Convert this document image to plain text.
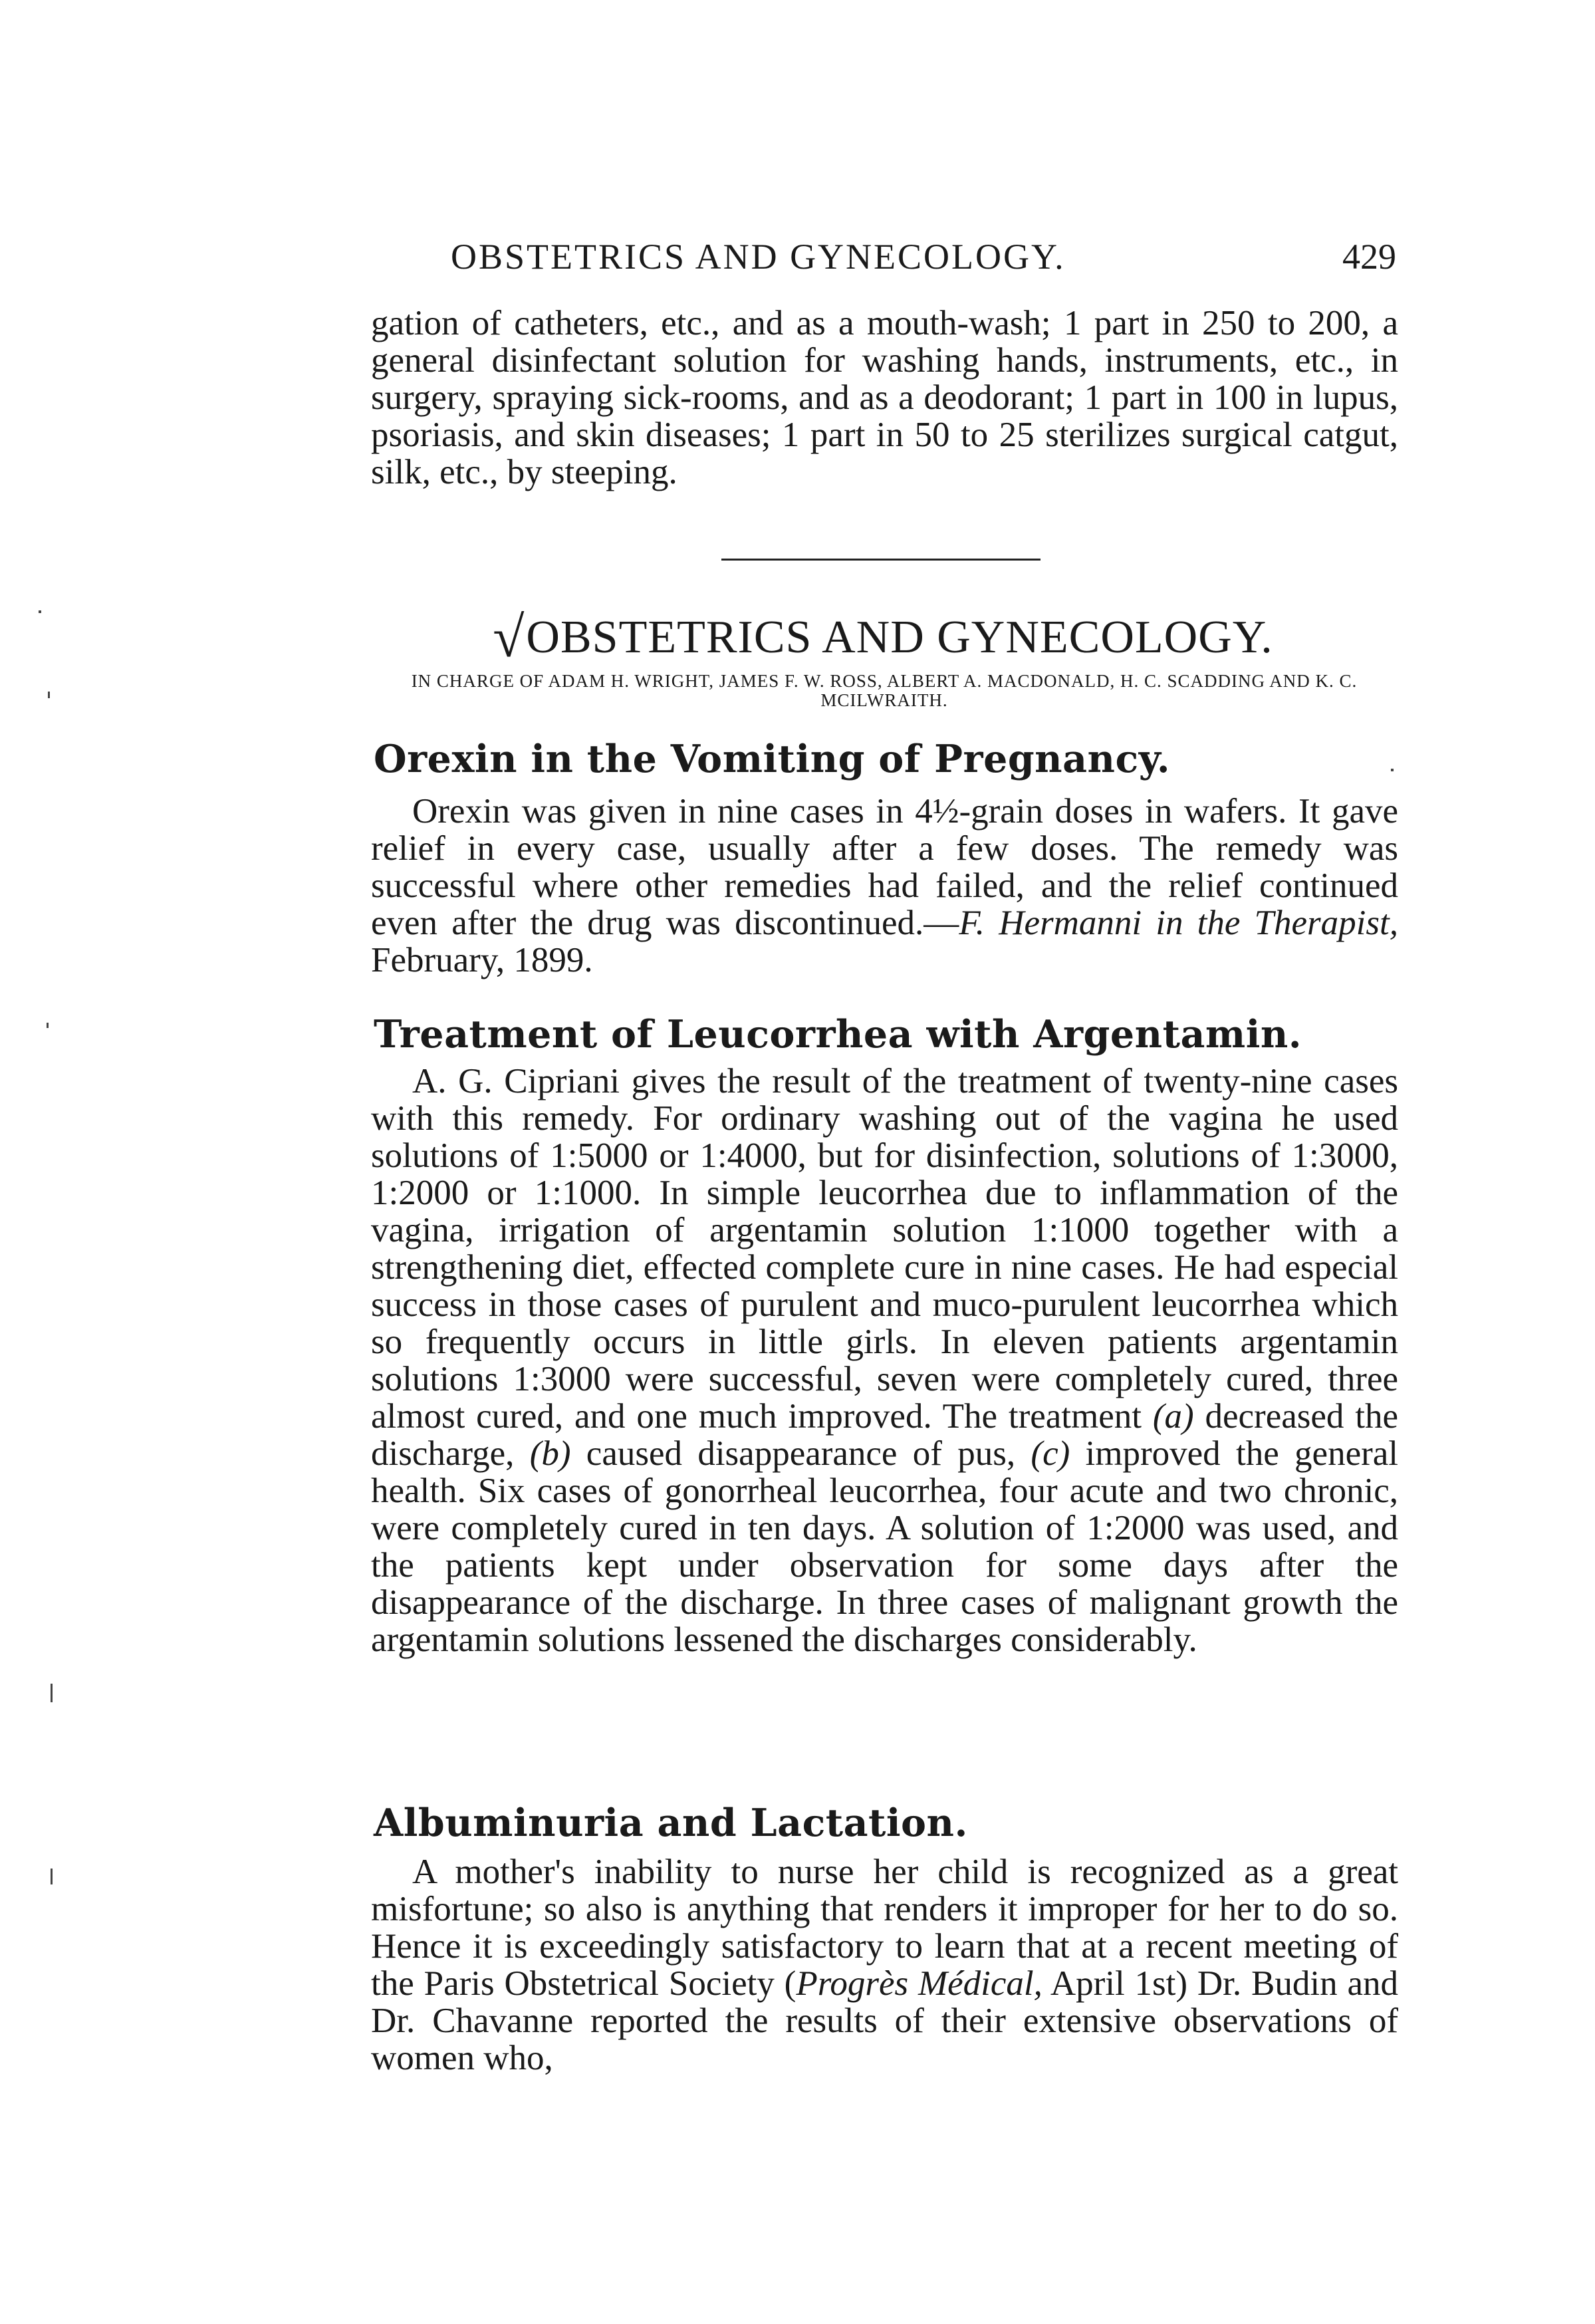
OBSTETRICS AND GYNECOLOGY.	429

gation of catheters, etc., and as a mouth-wash; 1 part in 250 to 200, a general disinfectant solution for washing hands, instruments, etc., in surgery, spraying sick-rooms, and as a deodorant; 1 part in 100 in lupus, psoriasis, and skin diseases; 1 part in 50 to 25 sterilizes surgical catgut, silk, etc., by steeping.

√OBSTETRICS AND GYNECOLOGY.
IN CHARGE OF ADAM H. WRIGHT, JAMES F. W. ROSS, ALBERT A. MACDONALD, H. C. SCADDING AND K. C. MCILWRAITH.
Orexin in the Vomiting of Pregnancy.

Orexin was given in nine cases in 4½-grain doses in wafers. It gave relief in every case, usually after a few doses. The remedy was successful where other remedies had failed, and the relief continued even after the drug was discontinued.—F. Hermanni in the Therapist, February, 1899.

Treatment of Leucorrhea with Argentamin.

A. G. Cipriani gives the result of the treatment of twenty-nine cases with this remedy. For ordinary washing out of the vagina he used solutions of 1:5000 or 1:4000, but for disinfection, solutions of 1:3000, 1:2000 or 1:1000. In simple leucorrhea due to inflammation of the vagina, irrigation of argentamin solution 1:1000 together with a strengthening diet, effected complete cure in nine cases. He had especial success in those cases of purulent and muco-purulent leucorrhea which so frequently occurs in little girls. In eleven patients argentamin solutions 1:3000 were successful, seven were completely cured, three almost cured, and one much improved. The treatment (a) decreased the discharge, (b) caused disappearance of pus, (c) improved the general health. Six cases of gonorrheal leucorrhea, four acute and two chronic, were completely cured in ten days. A solution of 1:2000 was used, and the patients kept under observation for some days after the disappearance of the discharge. In three cases of malignant growth the argentamin solutions lessened the discharges considerably.

Albuminuria and Lactation.

A mother's inability to nurse her child is recognized as a great misfortune; so also is anything that renders it improper for her to do so. Hence it is exceedingly satisfactory to learn that at a recent meeting of the Paris Obstetrical Society (Progrès Médical, April 1st) Dr. Budin and Dr. Chavanne reported the results of their extensive observations of women who,
